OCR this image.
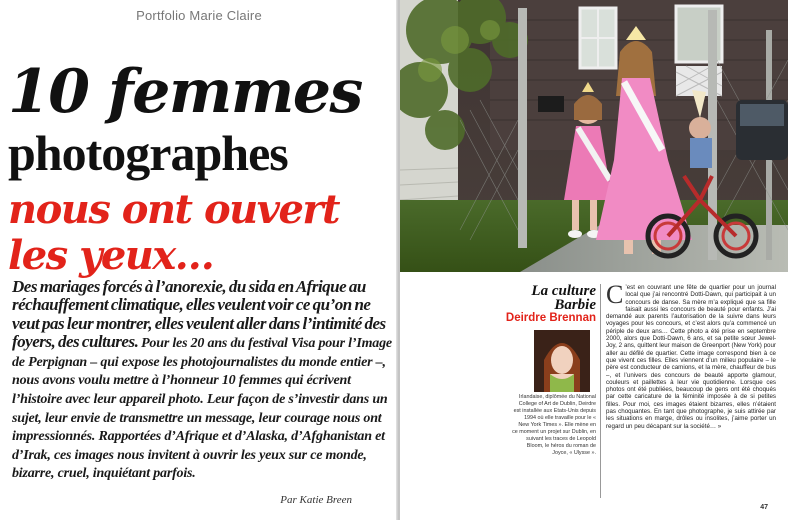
Portfolio Marie Claire
10 femmes
photographes
nous ont ouvert
les yeux…
Des mariages forcés à l’anorexie, du sida en Afrique au réchauffement climatique, elles veulent voir ce qu’on ne veut pas leur montrer, elles veulent aller dans l’intimité des foyers, des cultures. Pour les 20 ans du festival Visa pour l’Image de Perpignan – qui expose les photojournalistes du monde entier –, nous avons voulu mettre à l’honneur 10 femmes qui écrivent l’histoire avec leur appareil photo. Leur façon de s’investir dans un sujet, leur envie de transmettre un message, leur courage nous ont impressionnés. Rapportées d’Afrique et d’Alaska, d’Afghanistan et d’Irak, ces images nous invitent à ouvrir les yeux sur ce monde, bizarre, cruel, inquiétant parfois.
Par Katie Breen
La culture
Barbie
Deirdre Brennan
Irlandaise, diplômée du National College of Art de Dublin, Deirdre est installée aux Etats-Unis depuis 1994 où elle travaille pour le « New York Times ». Elle mène en ce moment un projet sur Dublin, en suivant les traces de Leopold Bloom, le héros du roman de Joyce, « Ulysse ».
C ’est en couvrant une fête de quartier pour un journal local que j’ai rencontré Dotti-Dawn, qui participait à un concours de danse. Sa mère m’a expliqué que sa fille faisait aussi les concours de beauté pour enfants. J’ai demandé aux parents l’autorisation de la suivre dans leurs voyages pour les concours, et c’est alors qu’a commencé un périple de deux ans… Cette photo a été prise en septembre 2000, alors que Dotti-Dawn, 6 ans, et sa petite sœur Jewel-Joy, 2 ans, quittent leur maison de Greenport (New York) pour aller au défilé de quartier. Cette image correspond bien à ce que vivent ces filles. Elles viennent d’un milieu populaire – le père est conducteur de camions, et la mère, chauffeur de bus –, et l’univers des concours de beauté apporte glamour, couleurs et paillettes à leur vie quotidienne. Lorsque ces photos ont été publiées, beaucoup de gens ont été choqués par cette caricature de la féminité imposée à de si petites filles. Pour moi, ces images étaient bizarres, elles n’étaient pas choquantes. En tant que photographe, je suis attirée par les situations en marge, drôles ou insolites, j’aime porter un regard un peu décapant sur la société… »
47
